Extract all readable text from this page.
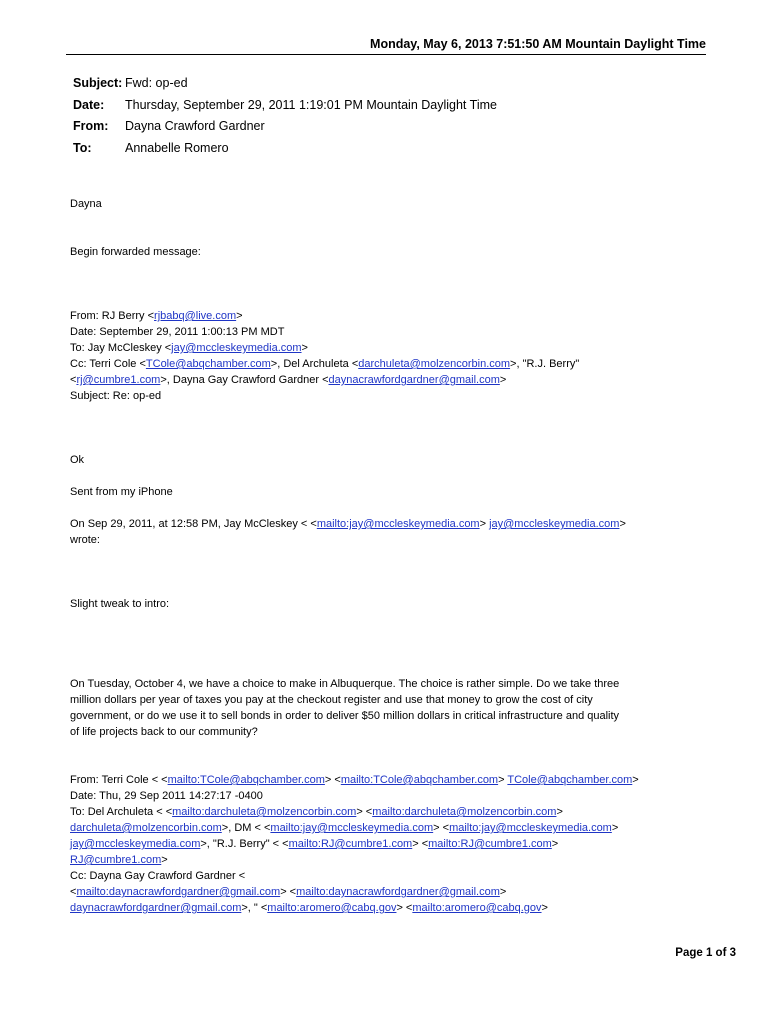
Monday, May 6, 2013 7:51:50 AM Mountain Daylight Time
Subject: Fwd: op-ed
Date:	Thursday, September 29, 2011 1:19:01 PM Mountain Daylight Time
From:	Dayna Crawford Gardner
To:	Annabelle Romero
Dayna
Begin forwarded message:
From: RJ Berry <rjbabq@live.com>
Date: September 29, 2011 1:00:13 PM MDT
To: Jay McCleskey <jay@mccleskeymedia.com>
Cc: Terri Cole <TCole@abqchamber.com>, Del Archuleta <darchuleta@molzencorbin.com>, "R.J. Berry"
<rj@cumbre1.com>, Dayna Gay Crawford Gardner <daynacrawfordgardner@gmail.com>
Subject: Re: op-ed
Ok
Sent from my iPhone
On Sep 29, 2011, at 12:58 PM, Jay McCleskey < <mailto:jay@mccleskeymedia.com> jay@mccleskeymedia.com>
wrote:
Slight tweak to intro:
On Tuesday, October 4, we have a choice to make in Albuquerque. The choice is rather simple. Do we take three
million dollars per year of taxes you pay at the checkout register and use that money to grow the cost of city
government, or do we use it to sell bonds in order to deliver $50 million dollars in critical infrastructure and quality
of life projects back to our community?
From: Terri Cole < <mailto:TCole@abqchamber.com> <mailto:TCole@abqchamber.com> TCole@abqchamber.com>
Date: Thu, 29 Sep 2011 14:27:17 -0400
To: Del Archuleta < <mailto:darchuleta@molzencorbin.com> <mailto:darchuleta@molzencorbin.com>
darchuleta@molzencorbin.com>, DM < <mailto:jay@mccleskeymedia.com> <mailto:jay@mccleskeymedia.com>
jay@mccleskeymedia.com>, "R.J. Berry" < <mailto:RJ@cumbre1.com> <mailto:RJ@cumbre1.com>
RJ@cumbre1.com>
Cc: Dayna Gay Crawford Gardner <
<mailto:daynacrawfordgardner@gmail.com> <mailto:daynacrawfordgardner@gmail.com>
daynacrawfordgardner@gmail.com>, " <mailto:aromero@cabq.gov> <mailto:aromero@cabq.gov>
Page 1 of 3
